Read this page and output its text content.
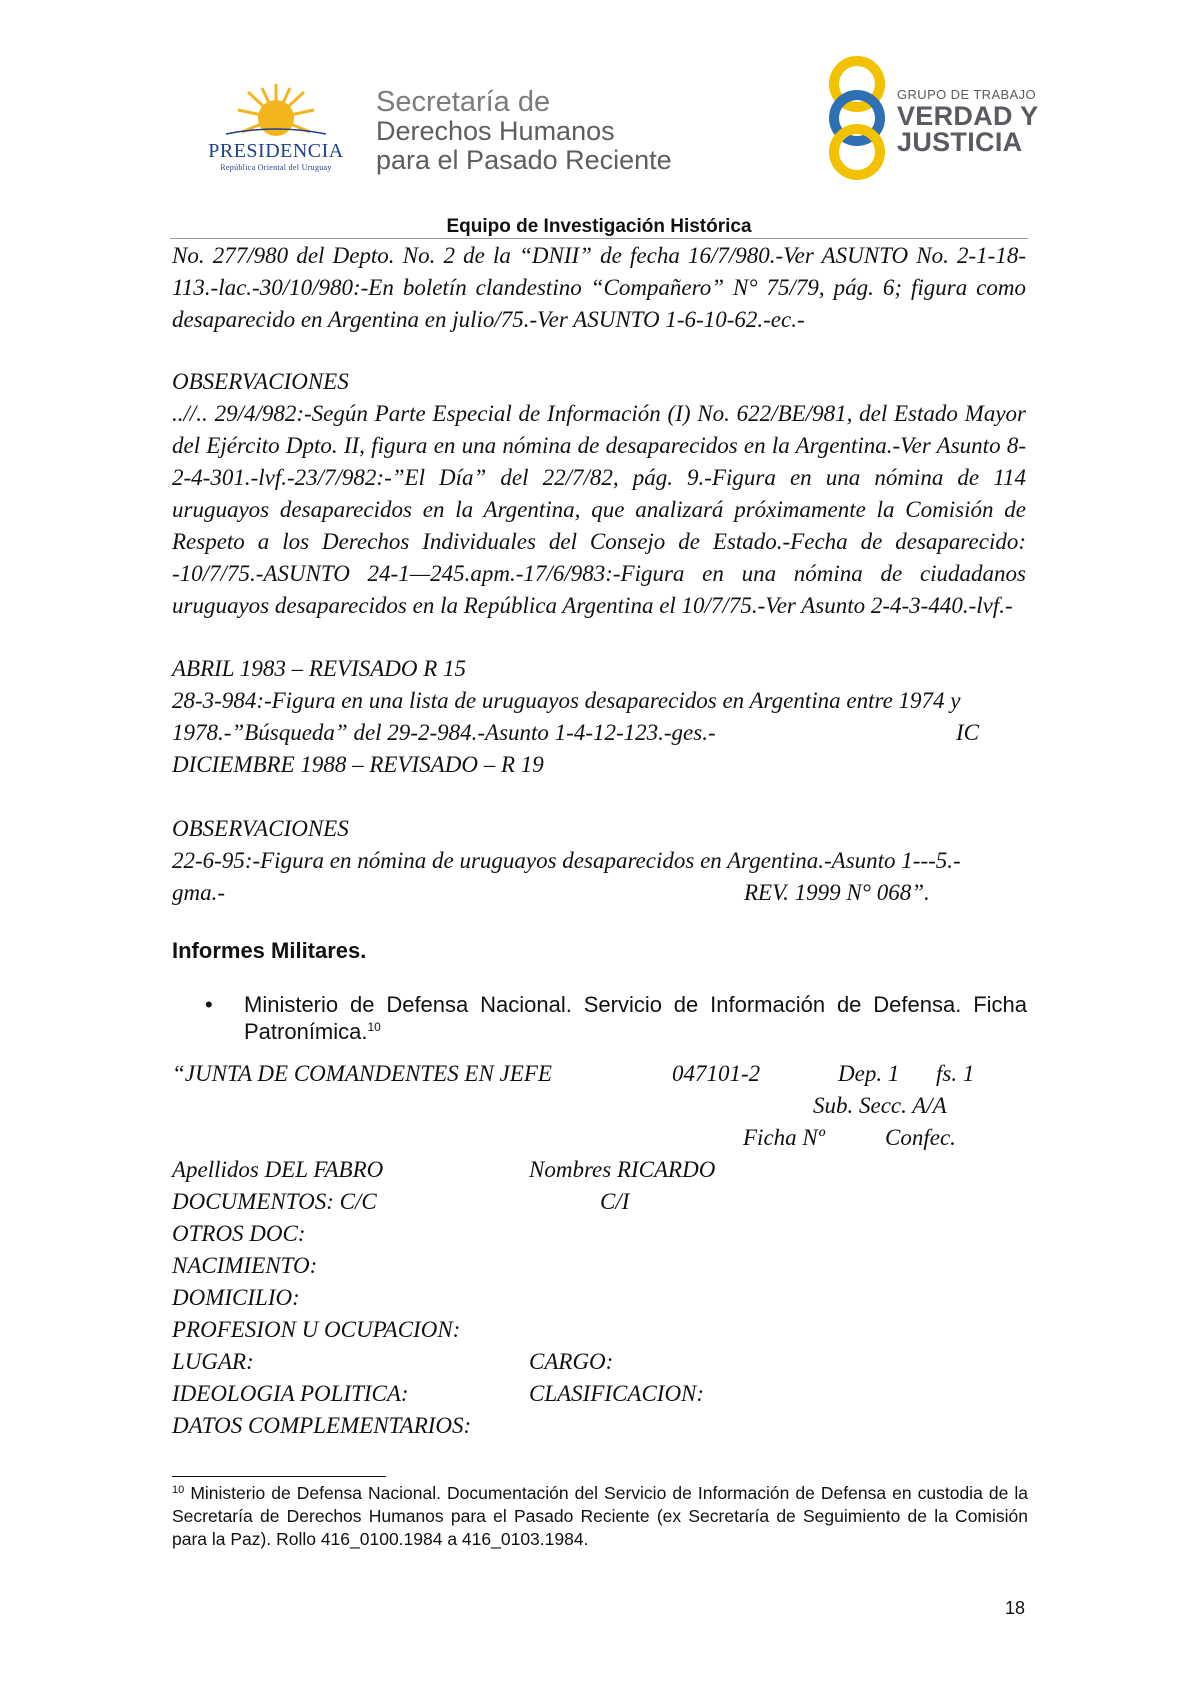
PRESIDENCIA
República Oriental del Uruguay
Secretaría de
Derechos Humanos
para el Pasado Reciente
GRUPO DE TRABAJO
VERDAD Y
JUSTICIA
Equipo de Investigación Histórica
No. 277/980 del Depto. No. 2 de la “DNII” de fecha 16/7/980.-Ver ASUNTO No. 2-1-18-113.-lac.-30/10/980:-En boletín clandestino “Compañero” N° 75/79, pág. 6; figura como desaparecido en Argentina en julio/75.-Ver ASUNTO 1-6-10-62.-ec.-
OBSERVACIONES
..//.. 29/4/982:-Según Parte Especial de Información (I) No. 622/BE/981, del Estado Mayor del Ejército Dpto. II, figura en una nómina de desaparecidos en la Argentina.-Ver Asunto 8-2-4-301.-lvf.-23/7/982:-”El Día” del 22/7/82, pág. 9.-Figura en una nómina de 114 uruguayos desaparecidos en la Argentina, que analizará próximamente la Comisión de Respeto a los Derechos Individuales del Consejo de Estado.-Fecha de desaparecido: -10/7/75.-ASUNTO 24-1—245.apm.-17/6/983:-Figura en una nómina de ciudadanos uruguayos desaparecidos en la República Argentina el 10/7/75.-Ver Asunto 2-4-3-440.-lvf.-
ABRIL 1983 – REVISADO R 15
28-3-984:-Figura en una lista de uruguayos desaparecidos en Argentina entre 1974 y
1978.-”Búsqueda” del 29-2-984.-Asunto 1-4-12-123.-ges.-	IC
DICIEMBRE 1988 – REVISADO – R 19
OBSERVACIONES
22-6-95:-Figura en nómina de uruguayos desaparecidos en Argentina.-Asunto 1---5.-
gma.-	REV. 1999 N° 068”.
Informes Militares.
• Ministerio de Defensa Nacional. Servicio de Información de Defensa. Ficha Patronímica.$^{10}$
“JUNTA DE COMANDENTES EN JEFE	047101-2	Dep. 1 fs. 1
Sub. Secc. A/A
Ficha Nº	Confec.
Apellidos DEL FABRO	Nombres RICARDO
DOCUMENTOS: C/C	C/I
OTROS DOC:
NACIMIENTO:
DOMICILIO:
PROFESION U OCUPACION:
LUGAR:	CARGO:
IDEOLOGIA POLITICA:	CLASIFICACION:
DATOS COMPLEMENTARIOS:
$^{10}$ Ministerio de Defensa Nacional. Documentación del Servicio de Información de Defensa en custodia de la Secretaría de Derechos Humanos para el Pasado Reciente (ex Secretaría de Seguimiento de la Comisión para la Paz). Rollo 416_0100.1984 a 416_0103.1984.
18
